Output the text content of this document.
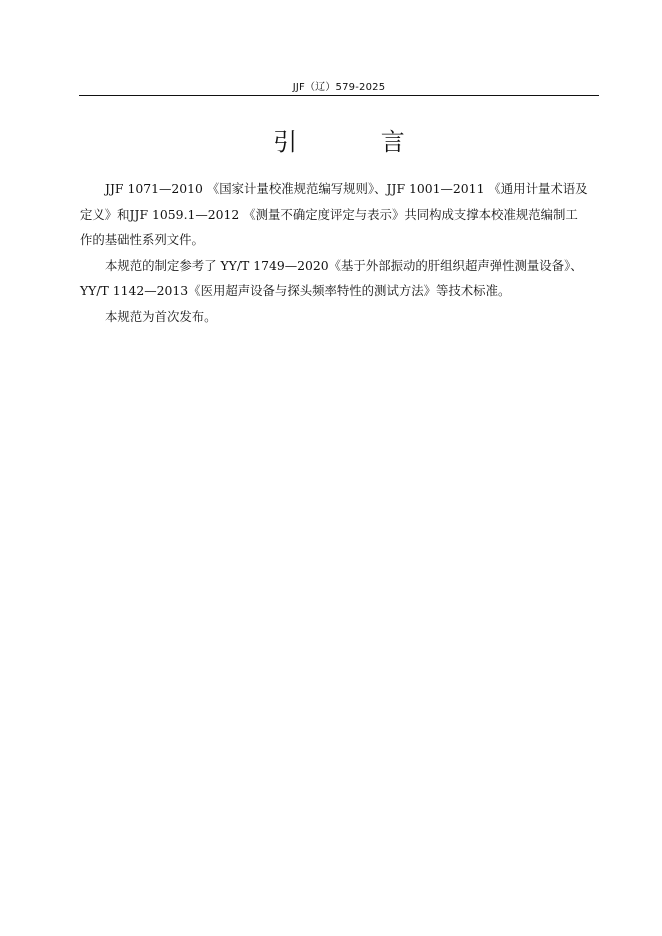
JJF（辽）579-2025
引 言

JJF 1071—2010 《国家计量校准规范编写规则》、JJF 1001—2011 《通用计量术语及
定义》和JJF 1059.1—2012 《测量不确定度评定与表示》共同构成支撑本校准规范编制工
作的基础性系列文件。

本规范的制定参考了 YY/T 1749—2020《基于外部振动的肝组织超声弹性测量设备》、
YY/T 1142—2013《医用超声设备与探头频率特性的测试方法》等技术标准。

本规范为首次发布。
